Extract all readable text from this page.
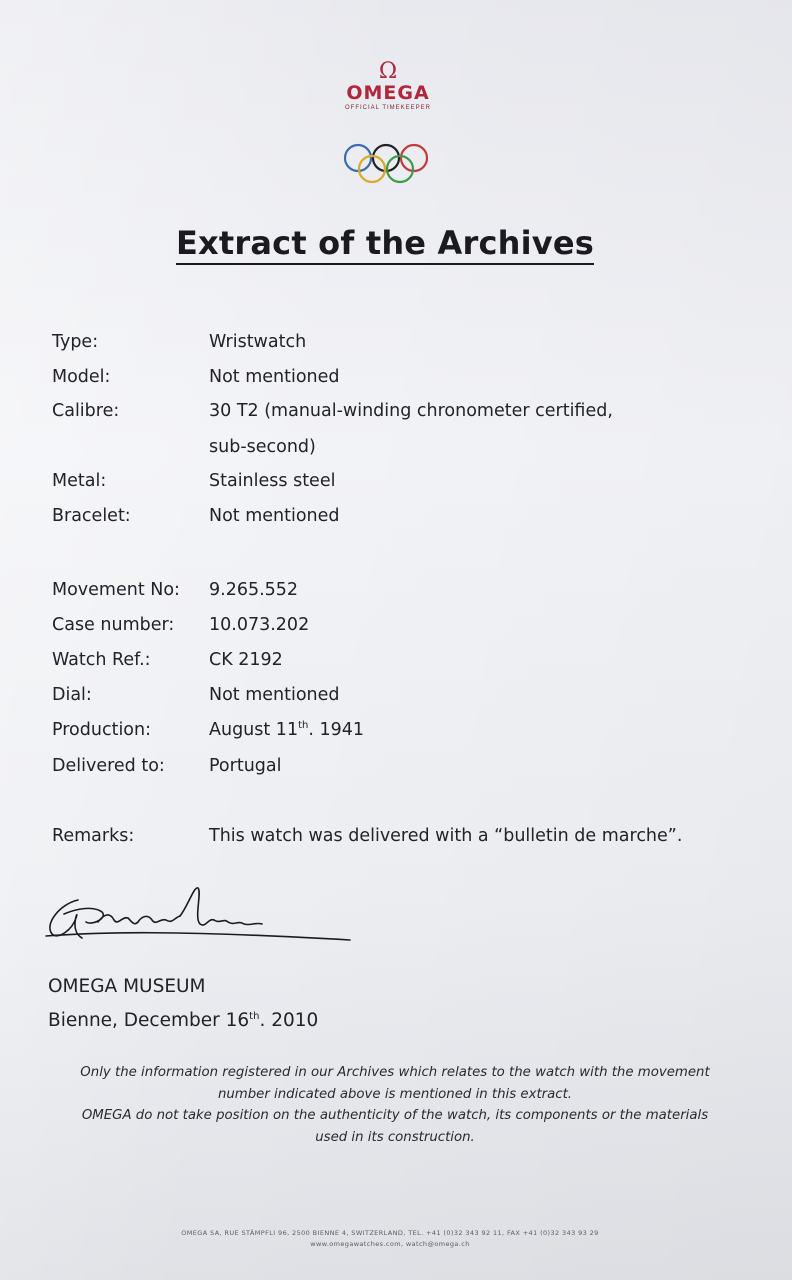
Ω
OMEGA
OFFICIAL TIMEKEEPER
Extract of the Archives
Type:	Wristwatch
Model:	Not mentioned
Calibre:	30 T2 (manual-winding chronometer certified,
sub-second)
Metal:	Stainless steel
Bracelet:	Not mentioned
Movement No: 9.265.552
Case number: 10.073.202
Watch Ref.:	CK 2192
Dial:	Not mentioned
Production:	August 11th. 1941
Delivered to:	Portugal
Remarks:	This watch was delivered with a “bulletin de marche”.
OMEGA MUSEUM
Bienne, December 16th. 2010
Only the information registered in our Archives which relates to the watch with the movement
number indicated above is mentioned in this extract.
OMEGA do not take position on the authenticity of the watch, its components or the materials
used in its construction.
OMEGA SA, RUE STÄMPFLI 96, 2500 BIENNE 4, SWITZERLAND, TEL. +41 (0)32 343 92 11, FAX +41 (0)32 343 93 29
www.omegawatches.com, watch@omega.ch
